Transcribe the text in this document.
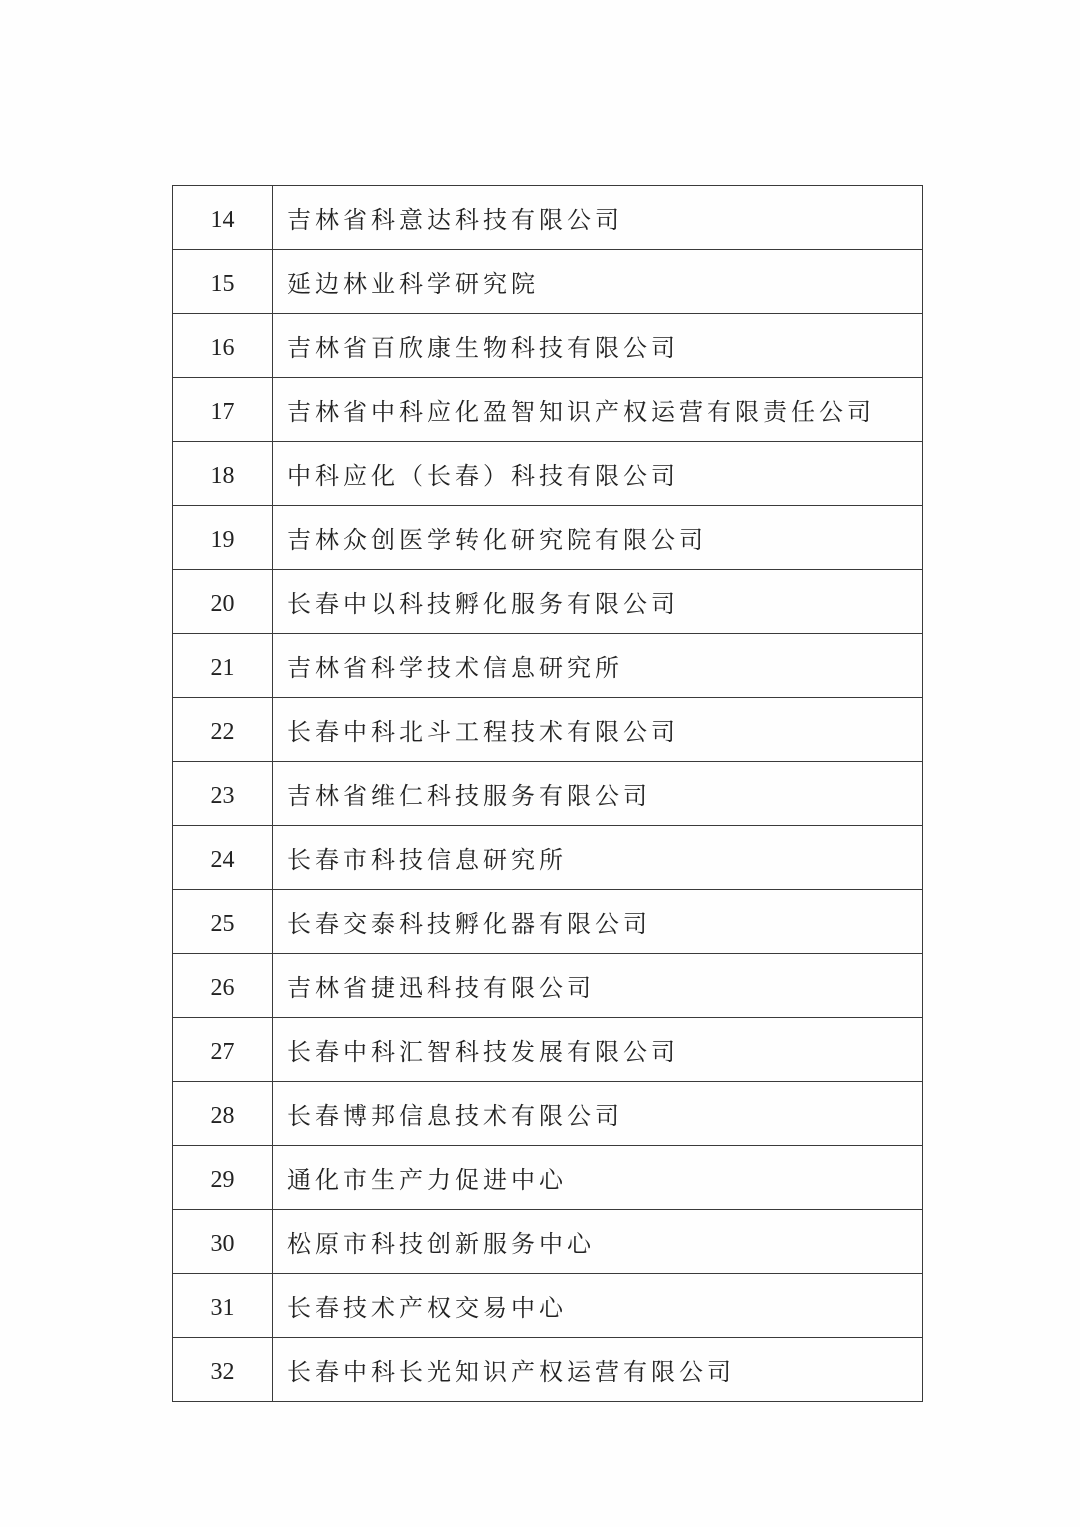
14	吉林省科意达科技有限公司
15	延边林业科学研究院
16	吉林省百欣康生物科技有限公司
17	吉林省中科应化盈智知识产权运营有限责任公司
18	中科应化（长春）科技有限公司
19	吉林众创医学转化研究院有限公司
20	长春中以科技孵化服务有限公司
21	吉林省科学技术信息研究所
22	长春中科北斗工程技术有限公司
23	吉林省维仁科技服务有限公司
24	长春市科技信息研究所
25	长春交泰科技孵化器有限公司
26	吉林省捷迅科技有限公司
27	长春中科汇智科技发展有限公司
28	长春博邦信息技术有限公司
29	通化市生产力促进中心
30	松原市科技创新服务中心
31	长春技术产权交易中心
32	长春中科长光知识产权运营有限公司
